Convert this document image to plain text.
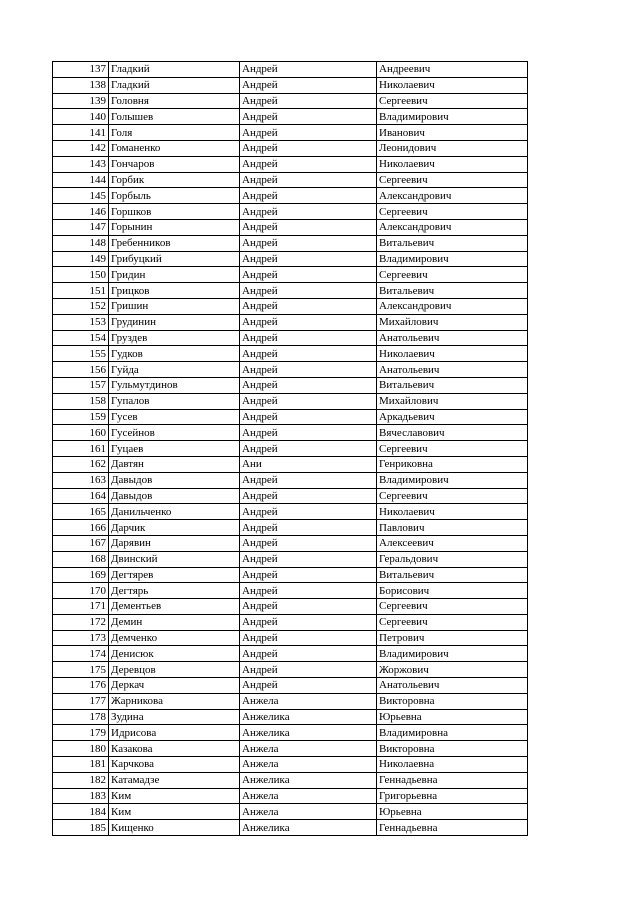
137	Гладкий	Андрей	Андреевич
138	Гладкий	Андрей	Николаевич
139	Головня	Андрей	Сергеевич
140	Голышев	Андрей	Владимирович
141	Голя	Андрей	Иванович
142	Гоманенко	Андрей	Леонидович
143	Гончаров	Андрей	Николаевич
144	Горбик	Андрей	Сергеевич
145	Горбыль	Андрей	Александрович
146	Горшков	Андрей	Сергеевич
147	Горынин	Андрей	Александрович
148	Гребенников	Андрей	Витальевич
149	Грибуцкий	Андрей	Владимирович
150	Гридин	Андрей	Сергеевич
151	Грицков	Андрей	Витальевич
152	Гришин	Андрей	Александрович
153	Грудинин	Андрей	Михайлович
154	Груздев	Андрей	Анатольевич
155	Гудков	Андрей	Николаевич
156	Гуйда	Андрей	Анатольевич
157	Гульмутдинов	Андрей	Витальевич
158	Гупалов	Андрей	Михайлович
159	Гусев	Андрей	Аркадьевич
160	Гусейнов	Андрей	Вячеславович
161	Гуцаев	Андрей	Сергеевич
162	Давтян	Ани	Генриковна
163	Давыдов	Андрей	Владимирович
164	Давыдов	Андрей	Сергеевич
165	Данильченко	Андрей	Николаевич
166	Дарчик	Андрей	Павлович
167	Дарявин	Андрей	Алексеевич
168	Двинский	Андрей	Геральдович
169	Дегтярев	Андрей	Витальевич
170	Дегтярь	Андрей	Борисович
171	Дементьев	Андрей	Сергеевич
172	Демин	Андрей	Сергеевич
173	Демченко	Андрей	Петрович
174	Денисюк	Андрей	Владимирович
175	Деревцов	Андрей	Жоржович
176	Деркач	Андрей	Анатольевич
177	Жарникова	Анжела	Викторовна
178	Зудина	Анжелика	Юрьевна
179	Идрисова	Анжелика	Владимировна
180	Казакова	Анжела	Викторовна
181	Карчкова	Анжела	Николаевна
182	Катамадзе	Анжелика	Геннадьевна
183	Ким	Анжела	Григорьевна
184	Ким	Анжела	Юрьевна
185	Кищенко	Анжелика	Геннадьевна
